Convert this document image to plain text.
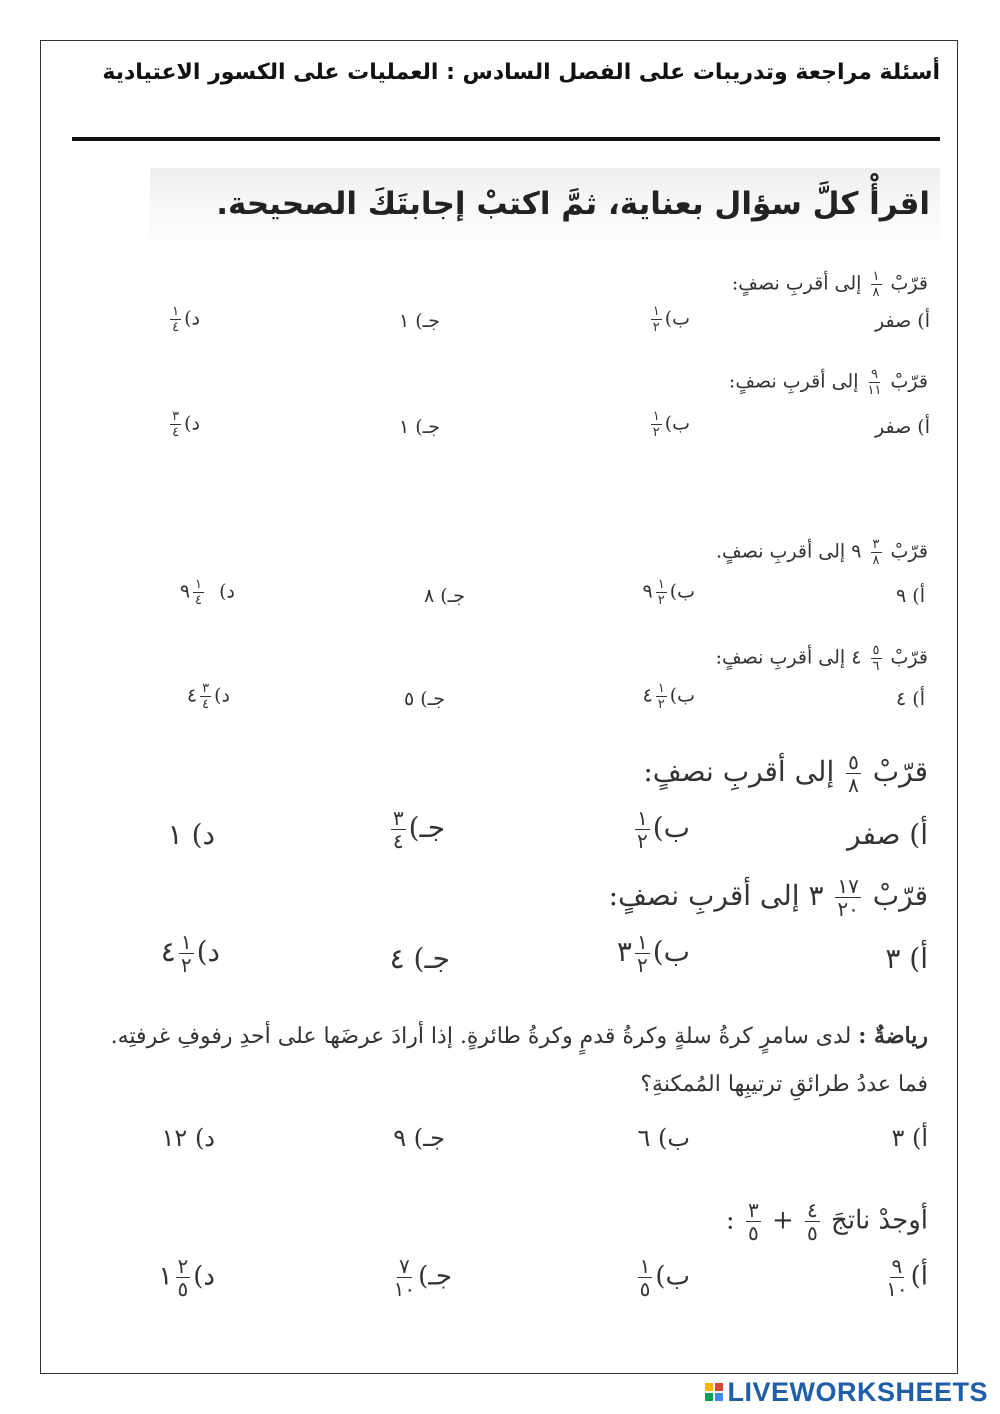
أسئلة مراجعة وتدريبات على الفصل السادس : العمليات على الكسور الاعتيادية
اقرأْ كلَّ سؤال بعناية، ثمَّ اكتبْ إجابتَكَ الصحيحة.
قرّبْ
$\frac{١}{٨}$
إلى أقربِ نصفٍ:
أ) صفر
ب)
$\frac{١}{٢}$
جـ) ١
د)
$\frac{١}{٤}$
قرّبْ
$\frac{٩}{١١}$
إلى أقربِ نصفٍ:
أ) صفر
ب)
$\frac{١}{٢}$
جـ) ١
د)
$\frac{٣}{٤}$
قرّبْ
$\frac{٣}{٨}$
٩ إلى أقربِ نصفٍ.
أ) ٩
ب)
$\frac{١}{٢}$
٩
جـ) ٨
د)
$\frac{١}{٤}$
٩
قرّبْ
$\frac{٥}{٦}$
٤ إلى أقربِ نصفٍ:
أ) ٤
ب)
$\frac{١}{٢}$
٤
جـ) ٥
د)
$\frac{٣}{٤}$
٤
قرّبْ
$\frac{٥}{٨}$
إلى أقربِ نصفٍ:
أ) صفر
ب)
$\frac{١}{٢}$
جـ)
$\frac{٣}{٤}$
د) ١
قرّبْ
$\frac{١٧}{٢٠}$
٣ إلى أقربِ نصفٍ:
أ) ٣
ب)
$\frac{١}{٢}$
٣
جـ) ٤
د)
$\frac{١}{٢}$
٤
رياضةٌ : لدى سامرٍ كرةُ سلةٍ وكرةُ قدمٍ وكرةُ طائرةٍ. إذا أرادَ عرضَها على أحدِ رفوفِ غرفتِه. فما عددُ طرائقِ ترتيبِها المُمكنةِ؟
أ) ٣
ب) ٦
جـ) ٩
د) ١٢
أوجدْ ناتجَ
$\frac{٤}{٥}$
+
$\frac{٣}{٥}$
:
أ)
$\frac{٩}{١٠}$
ب)
$\frac{١}{٥}$
جـ)
$\frac{٧}{١٠}$
د)
$\frac{٢}{٥}$
١
LIVEWORKSHEETS
